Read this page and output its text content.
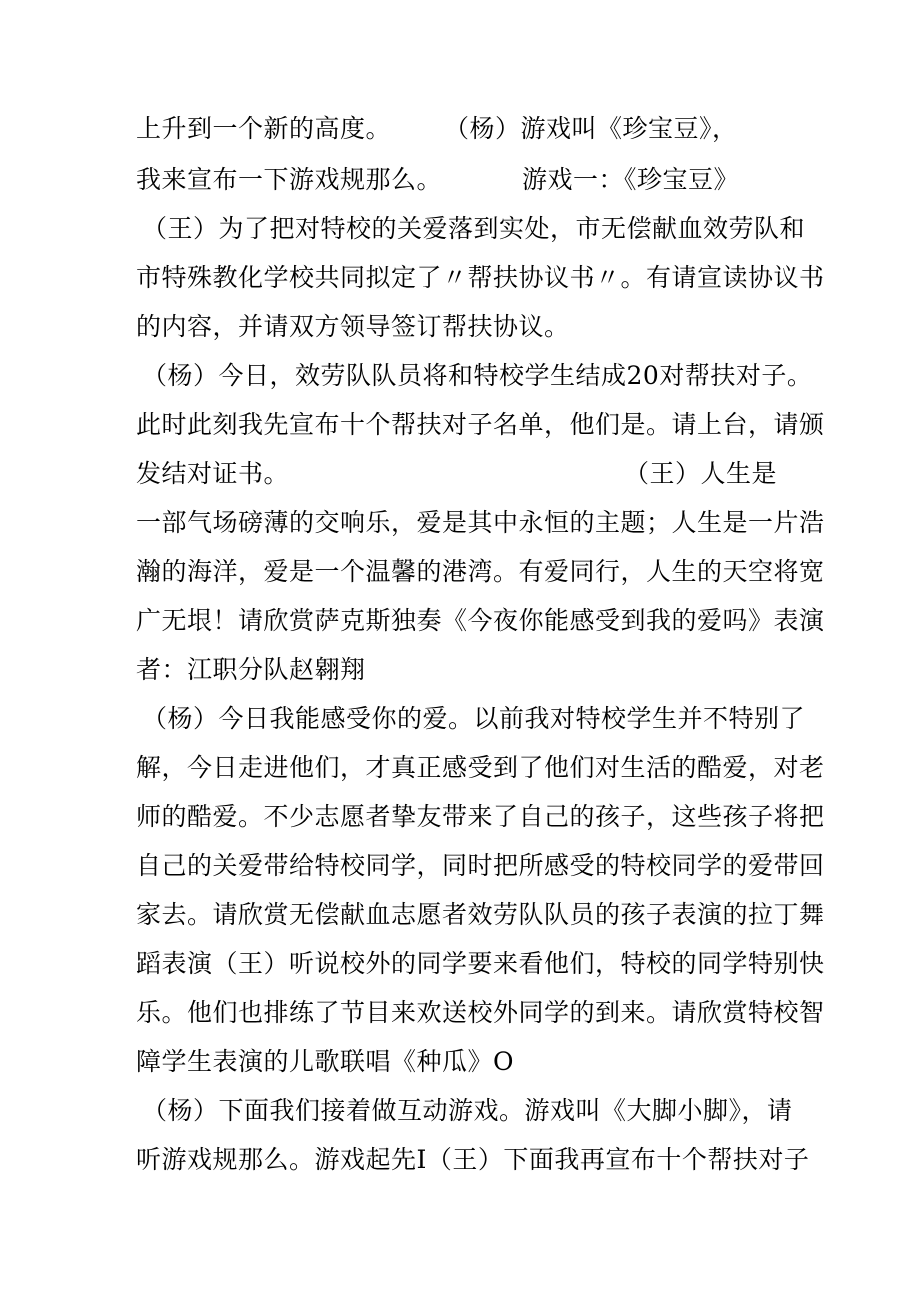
上升到一个新的高度。 （杨）游戏叫《珍宝豆》，
我来宣布一下游戏规那么。	游戏一：《珍宝豆》
（王）为了把对特校的关爱落到实处，市无偿献血效劳队和
市特殊教化学校共同拟定了〃帮扶协议书〃。有请宣读协议书
的内容，并请双方领导签订帮扶协议。
（杨）今日，效劳队队员将和特校学生结成20对帮扶对子。
此时此刻我先宣布十个帮扶对子名单，他们是。请上台，请颁
发结对证书。	（王）人生是
一部气场磅薄的交响乐，爱是其中永恒的主题；人生是一片浩
瀚的海洋，爱是一个温馨的港湾。有爱同行，人生的天空将宽
广无垠！请欣赏萨克斯独奏《今夜你能感受到我的爱吗》表演
者：江职分队赵翱翔
（杨）今日我能感受你的爱。以前我对特校学生并不特别了
解，今日走进他们，才真正感受到了他们对生活的酷爱，对老
师的酷爱。不少志愿者挚友带来了自己的孩子，这些孩子将把
自己的关爱带给特校同学，同时把所感受的特校同学的爱带回
家去。请欣赏无偿献血志愿者效劳队队员的孩子表演的拉丁舞
蹈表演（王）听说校外的同学要来看他们，特校的同学特别快
乐。他们也排练了节目来欢送校外同学的到来。请欣赏特校智
障学生表演的儿歌联唱《种瓜》O
（杨）下面我们接着做互动游戏。游戏叫《大脚小脚》，请
听游戏规那么。游戏起先I（王）下面我再宣布十个帮扶对子
